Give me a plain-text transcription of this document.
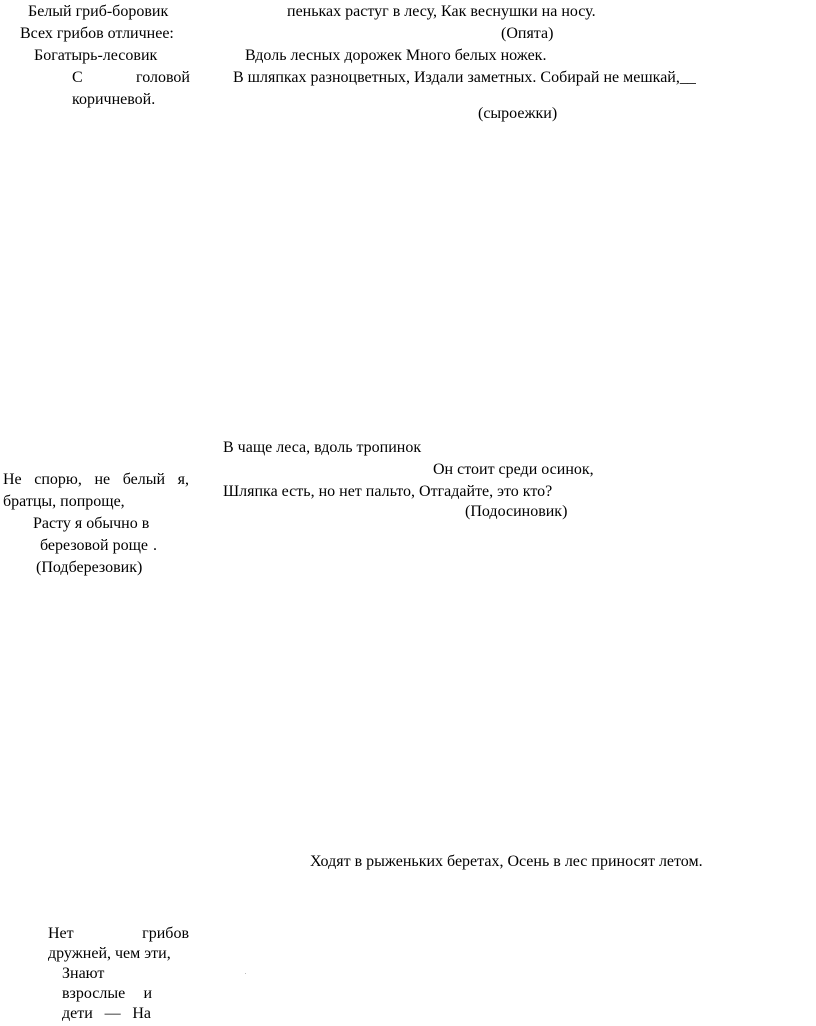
Белый гриб-боровик

Всех грибов отличнее:

Богатырь-лесовик

С	головой

коричневой.

пеньках растуг в лесу, Как веснушки на носу.

(Опята)

Вдоль лесных дорожек Много белых ножек.

В шляпках разноцветных, Издали заметных. Собирай не мешкай,__

(сыроежки)

Не спорю, не белый я,

братцы, попроще,

Расту я обычно в

березовой роще .

(Подберезовик)

В чаще леса, вдоль тропинок

Он стоит среди осинок,

Шляпка есть, но нет пальто, Отгадайте, это кто?

(Подосиновик)

Ходят в рыженьких беретах, Осень в лес приносят летом.

Нет	грибов

дружней, чем эти,

Знают

взрослые и

дети — На
